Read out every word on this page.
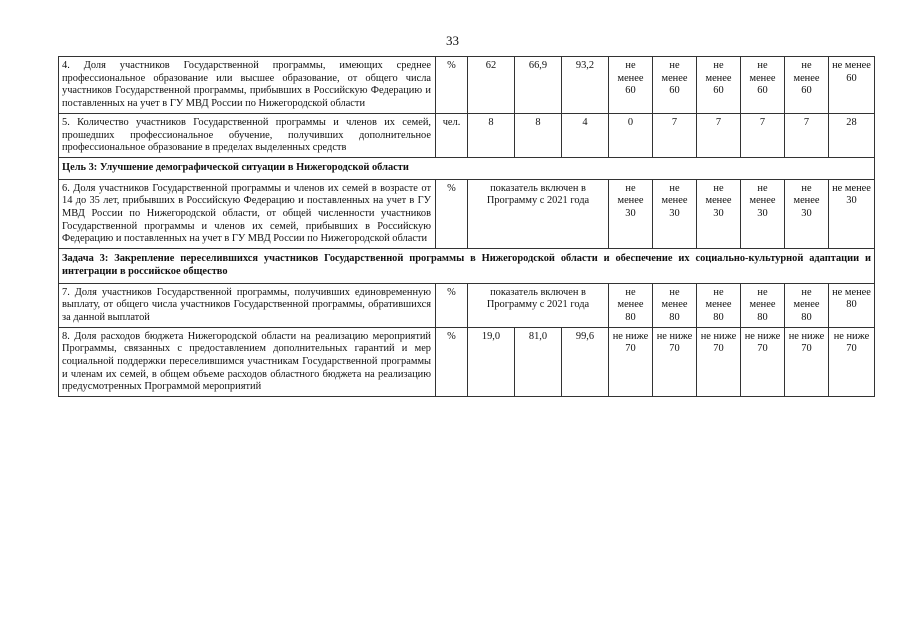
33
4. Доля участников Государственной программы, имеющих среднее профессиональное образование или высшее образование, от общего числа участников Государственной программы, прибывших в Российскую Федерацию и поставленных на учет в ГУ МВД России по Нижегородской области	%	62	66,9	93,2	не менее 60	не менее 60	не менее 60	не менее 60	не менее 60	не менее 60
5. Количество участников Государственной программы и членов их семей, прошедших профессиональное обучение, получивших дополнительное профессиональное образование в пределах выделенных средств	чел.	8	8	4	0	7	7	7	7	28
Цель 3: Улучшение демографической ситуации в Нижегородской области										
6. Доля участников Государственной программы и членов их семей в возрасте от 14 до 35 лет, прибывших в Российскую Федерацию и поставленных на учет в ГУ МВД России по Нижегородской области, от общей численности участников Государственной программы и членов их семей, прибывших в Российскую Федерацию и поставленных на учет в ГУ МВД России по Нижегородской области	%	показатель включен в Программу с 2021 года			не менее 30	не менее 30	не менее 30	не менее 30	не менее 30	не менее 30
Задача 3: Закрепление переселившихся участников Государственной программы в Нижегородской области и обеспечение их социально-культурной адаптации и интеграции в российское общество										
7. Доля участников Государственной программы, получивших единовременную выплату, от общего числа участников Государственной программы, обратившихся за данной выплатой	%	показатель включен в Программу с 2021 года			не менее 80	не менее 80	не менее 80	не менее 80	не менее 80	не менее 80
8. Доля расходов бюджета Нижегородской области на реализацию мероприятий Программы, связанных с предоставлением дополнительных гарантий и мер социальной поддержки переселившимся участникам Государственной программы и членам их семей, в общем объеме расходов областного бюджета на реализацию предусмотренных Программой мероприятий	%	19,0	81,0	99,6	не ниже 70	не ниже 70	не ниже 70	не ниже 70	не ниже 70	не ниже 70
